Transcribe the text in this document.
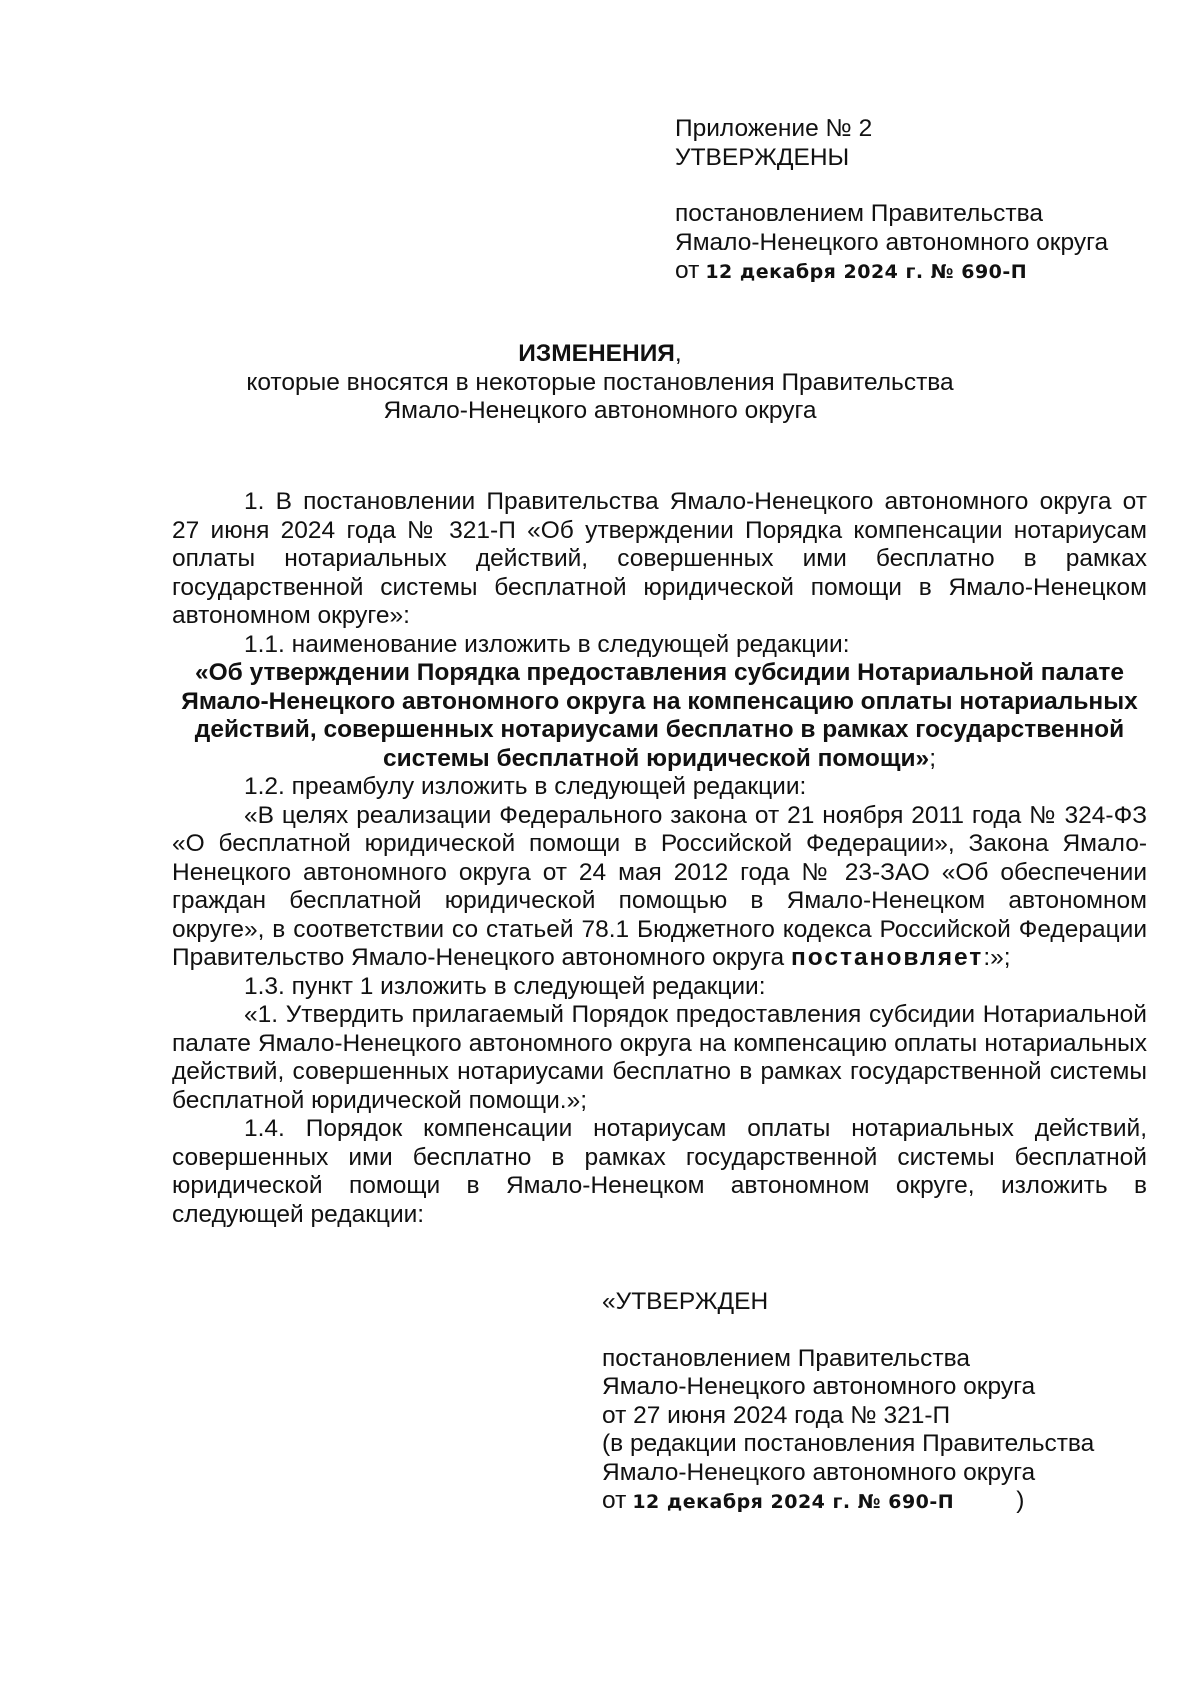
Приложение № 2
УТВЕРЖДЕНЫ
постановлением Правительства
Ямало-Ненецкого автономного округа
от 12 декабря 2024 г. № 690-П
ИЗМЕНЕНИЯ,
которые вносятся в некоторые постановления Правительства
Ямало-Ненецкого автономного округа

1. В постановлении Правительства Ямало-Ненецкого автономного округа от 27 июня 2024 года № 321-П «Об утверждении Порядка компенсации нотариусам оплаты нотариальных действий, совершенных ими бесплатно в рамках государственной системы бесплатной юридической помощи в Ямало-Ненецком автономном округе»:

1.1. наименование изложить в следующей редакции:

«Об утверждении Порядка предоставления субсидии Нотариальной палате Ямало-Ненецкого автономного округа на компенсацию оплаты нотариальных действий, совершенных нотариусами бесплатно в рамках государственной системы бесплатной юридической помощи»;

1.2. преамбулу изложить в следующей редакции:

«В целях реализации Федерального закона от 21 ноября 2011 года № 324-ФЗ «О бесплатной юридической помощи в Российской Федерации», Закона Ямало-Ненецкого автономного округа от 24 мая 2012 года № 23-ЗАО «Об обеспечении граждан бесплатной юридической помощью в Ямало-Ненецком автономном округе», в соответствии со статьей 78.1 Бюджетного кодекса Российской Федерации Правительство Ямало-Ненецкого автономного округа постановляет:»;

1.3. пункт 1 изложить в следующей редакции:

«1. Утвердить прилагаемый Порядок предоставления субсидии Нотариальной палате Ямало-Ненецкого автономного округа на компенсацию оплаты нотариальных действий, совершенных нотариусами бесплатно в рамках государственной системы бесплатной юридической помощи.»;

1.4. Порядок компенсации нотариусам оплаты нотариальных действий, совершенных ими бесплатно в рамках государственной системы бесплатной юридической помощи в Ямало-Ненецком автономном округе, изложить в следующей редакции:

«УТВЕРЖДЕН
постановлением Правительства
Ямало-Ненецкого автономного округа
от 27 июня 2024 года № 321-П
(в редакции постановления Правительства
Ямало-Ненецкого автономного округа
от 12 декабря 2024 г. № 690-П	)
